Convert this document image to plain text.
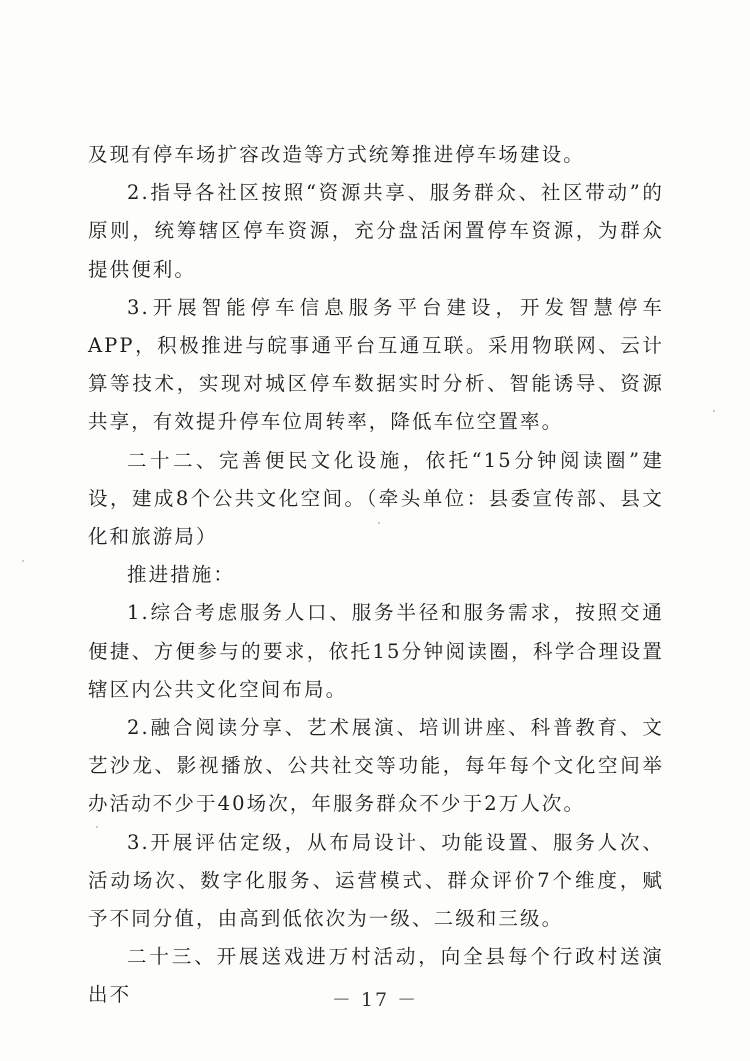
及现有停车场扩容改造等方式统筹推进停车场建设。

2.指导各社区按照“资源共享、服务群众、社区带动”的原则，统筹辖区停车资源，充分盘活闲置停车资源，为群众提供便利。

3.开展智能停车信息服务平台建设，开发智慧停车APP，积极推进与皖事通平台互通互联。采用物联网、云计算等技术，实现对城区停车数据实时分析、智能诱导、资源共享，有效提升停车位周转率，降低车位空置率。

二十二、完善便民文化设施，依托“15分钟阅读圈”建设，建成8个公共文化空间。（牵头单位：县委宣传部、县文化和旅游局）

推进措施：

1.综合考虑服务人口、服务半径和服务需求，按照交通便捷、方便参与的要求，依托15分钟阅读圈，科学合理设置辖区内公共文化空间布局。

2.融合阅读分享、艺术展演、培训讲座、科普教育、文艺沙龙、影视播放、公共社交等功能，每年每个文化空间举办活动不少于40场次，年服务群众不少于2万人次。

3.开展评估定级，从布局设计、功能设置、服务人次、活动场次、数字化服务、运营模式、群众评价7个维度，赋予不同分值，由高到低依次为一级、二级和三级。

二十三、开展送戏进万村活动，向全县每个行政村送演出不	－ 17 －
